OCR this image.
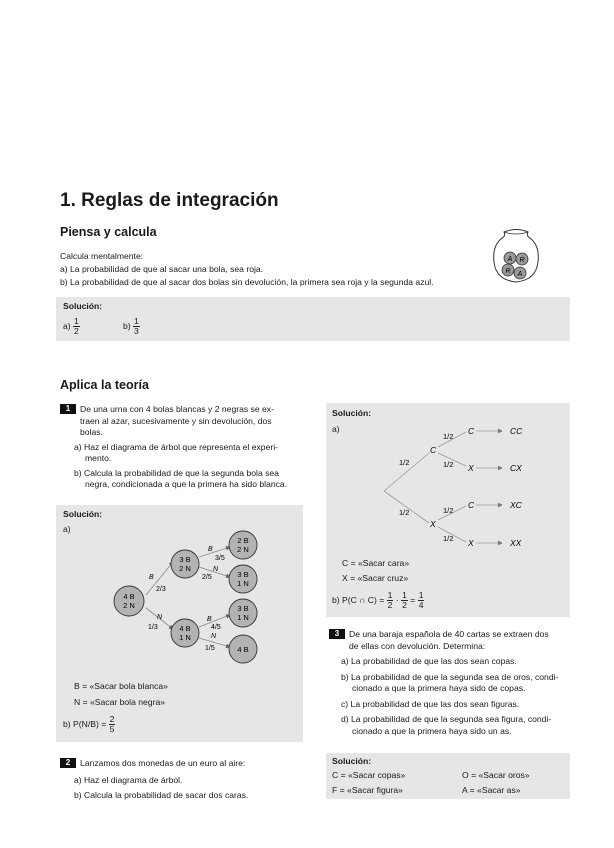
1. Reglas de integración
Piensa y calcula
Calcula mentalmente:
a) La probabilidad de que al sacar una bola, sea roja.
b) La probabilidad de que al sacar dos bolas sin devolución, la primera sea roja y la segunda azul.
A R
R A
Solución:
$a) \frac{1}{2}$	$b) \frac{1}{3}$
Aplica la teoría
1 De una urna con 4 bolas blancas y 2 negras se ex-
traen al azar, sucesivamente y sin devolución, dos
bolas.
a) Haz el diagrama de árbol que representa el experi-
mento.
b) Calcula la probabilidad de que la segunda bola sea
negra, condicionada a que la primera ha sido blanca.
Solución:
a)
4 B
2 N
3 B
2 N
4 B
1 N
2 B
2 N
3 B
1 N
3 B
1 N
4 B
B
2/3
N
1/3
B
3/5
N
2/5
B
4/5
N
1/5
B = «Sacar bola blanca»
N = «Sacar bola negra»
b) $P(N/B) = \frac{2}{5}$
2 Lanzamos dos monedas de un euro al aire:
a) Haz el diagrama de árbol.
b) Calcula la probabilidad de sacar dos caras.
Solución:
a)
1/2
1/2
C
X
1/2
1/2
1/2
1/2
C
X
C
X
CC
CX
XC
XX
C = «Sacar cara»
X = «Sacar cruz»
b) P(C ∩ $C) = \frac{1}{2} \cdot \frac{1}{2} = \frac{1}{4}$
3 De una baraja española de 40 cartas se extraen dos
de ellas con devolución. Determina:
a) La probabilidad de que las dos sean copas.
b) La probabilidad de que la segunda sea de oros, condi-
cionado a que la primera haya sido de copas.
c) La probabilidad de que las dos sean figuras.
d) La probabilidad de que la segunda sea figura, condi-
cionado a que la primera haya sido un as.
Solución:
C = «Sacar copas»	O = «Sacar oros»
F = «Sacar figura»	A = «Sacar as»
